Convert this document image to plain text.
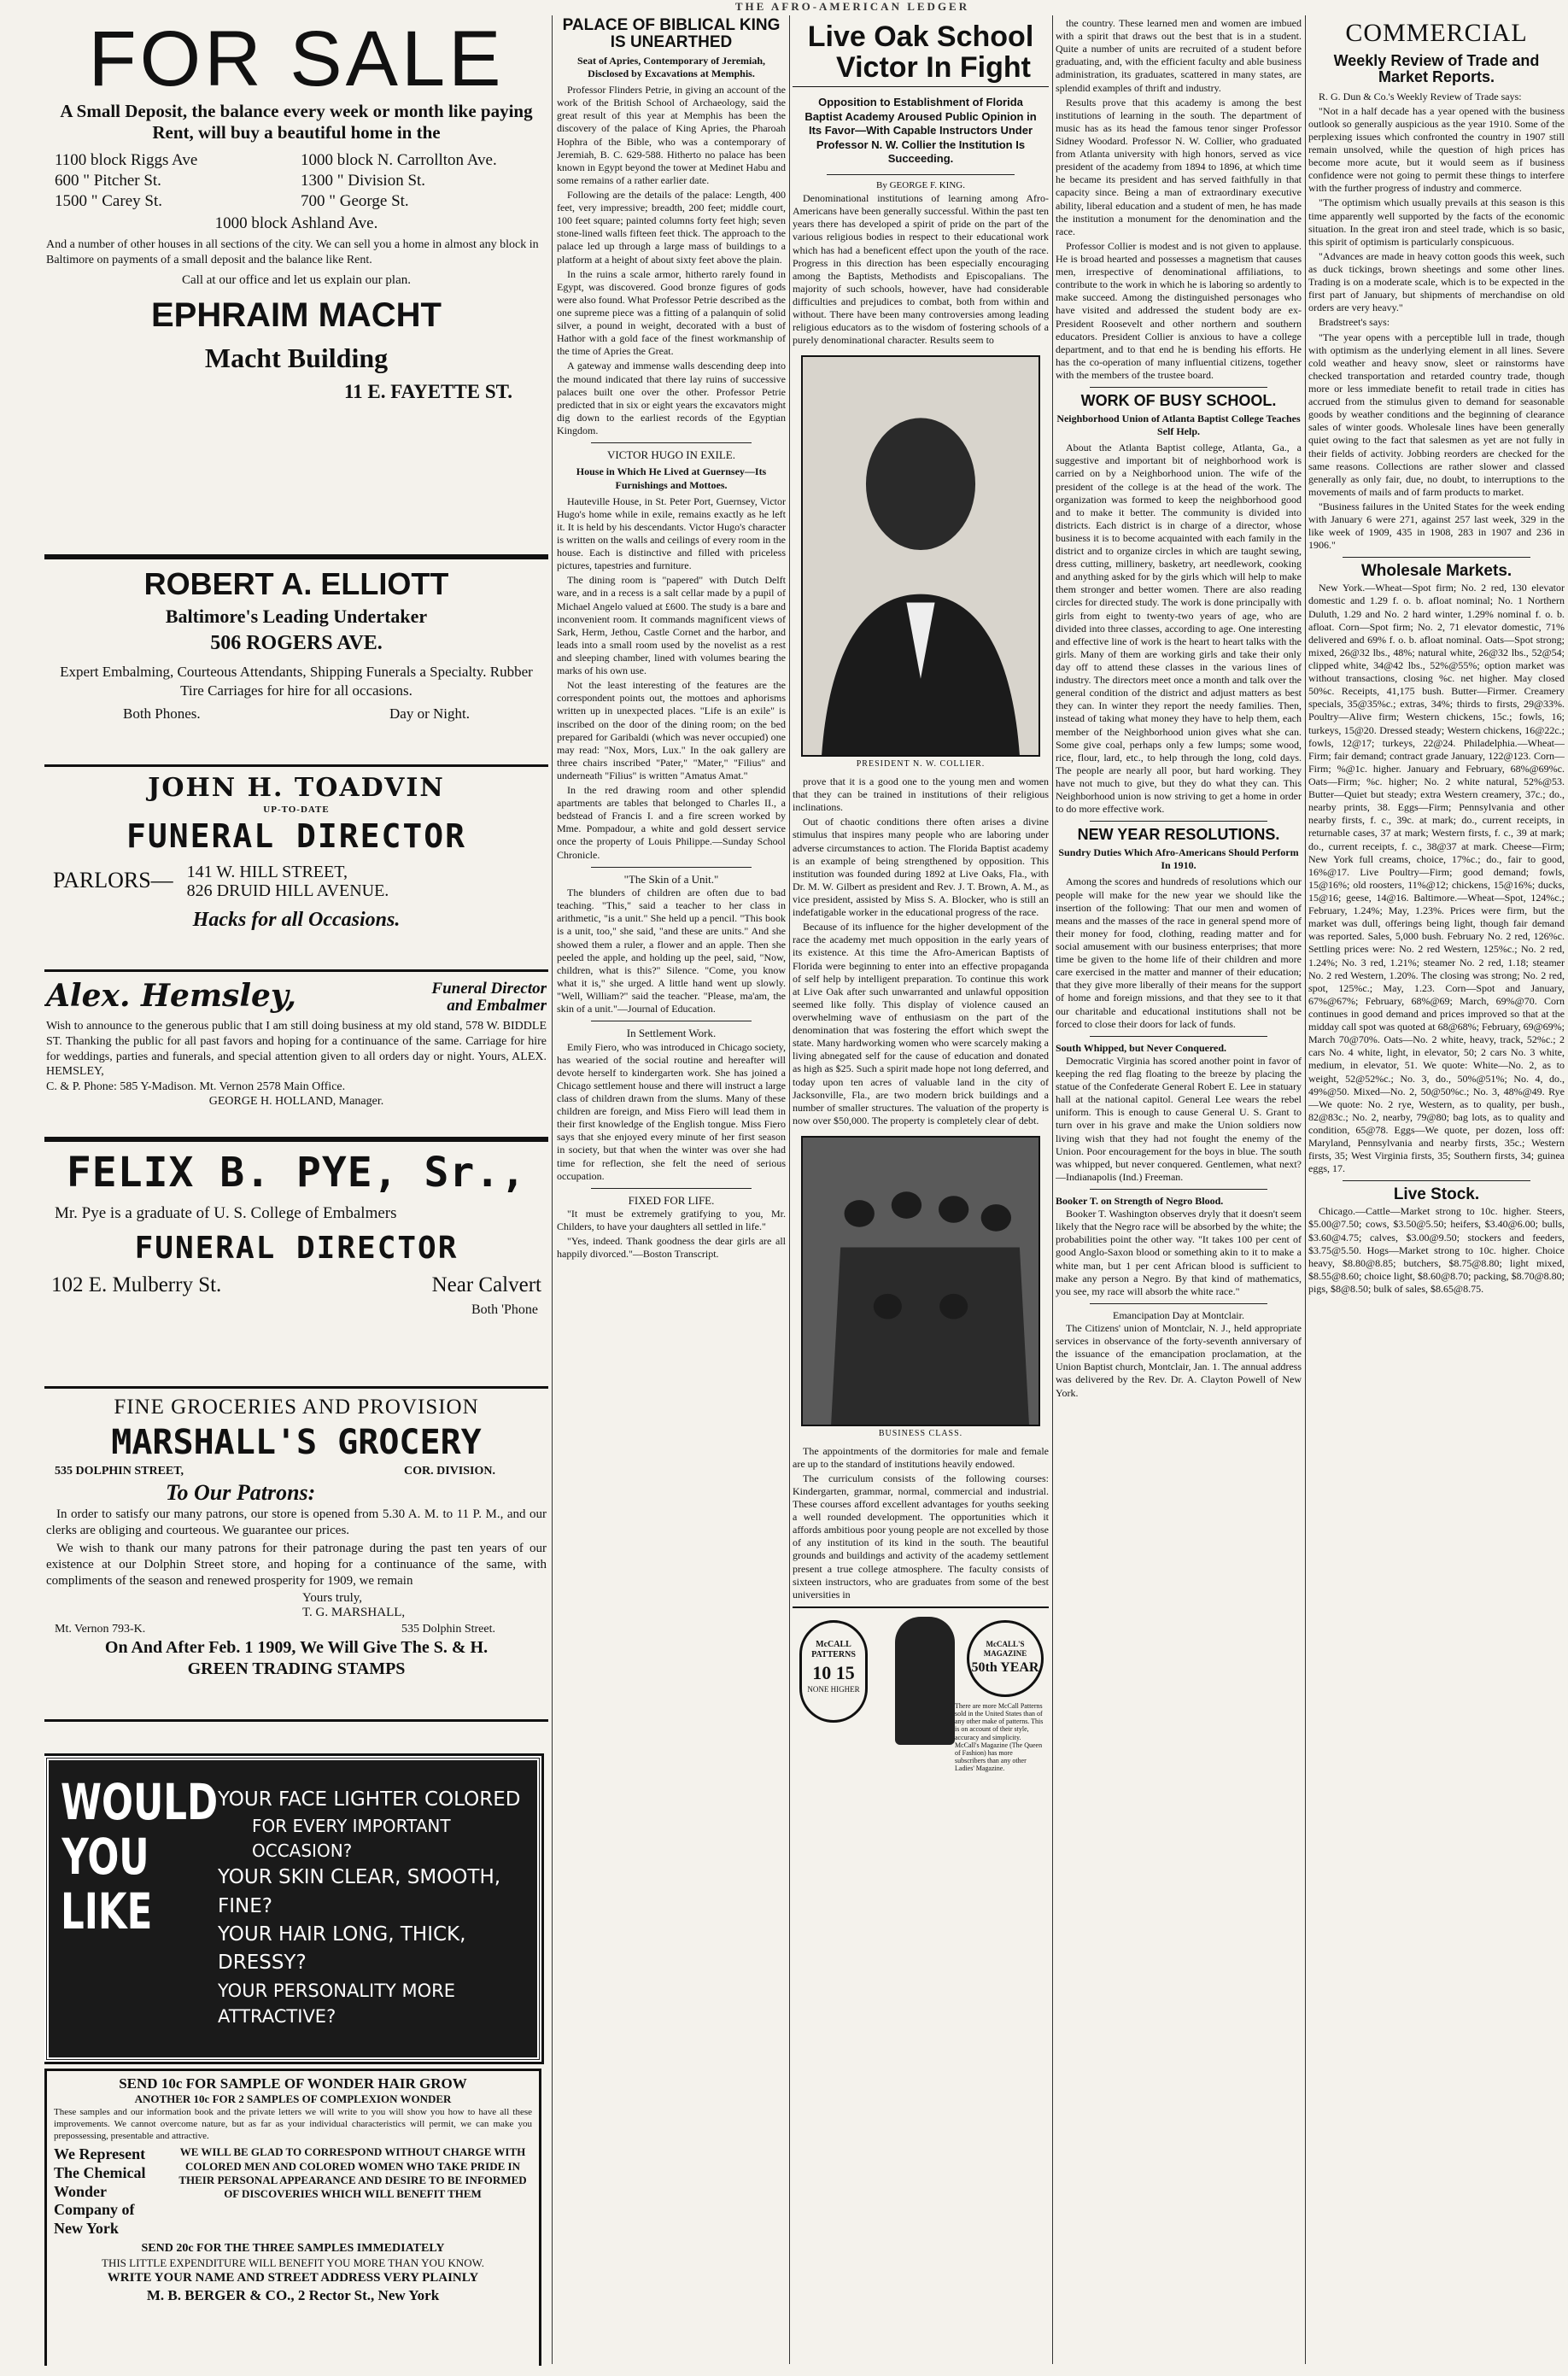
THE AFRO-AMERICAN LEDGER
FOR SALE
A Small Deposit, the balance every week or month like paying Rent, will buy a beautiful home in the
1100 block Riggs Ave	1000 block N. Carrollton Ave.
600 " Pitcher St.	1300 " Division St.
1500 " Carey St.	700 " George St.
1000 block Ashland Ave.
And a number of other houses in all sections of the city. We can sell you a home in almost any block in Baltimore on payments of a small deposit and the balance like Rent.
Call at our office and let us explain our plan.
EPHRAIM MACHT
Macht Building
11 E. FAYETTE ST.
ROBERT A. ELLIOTT
Baltimore's Leading Undertaker
506 ROGERS AVE.
Expert Embalming, Courteous Attendants, Shipping Funerals a Specialty. Rubber Tire Carriages for hire for all occasions.
Both Phones.	Day or Night.
JOHN H. TOADVIN
UP-TO-DATE
FUNERAL DIRECTOR
PARLORS— 141 W. HILL STREET,
826 DRUID HILL AVENUE.
Hacks for all Occasions.
Alex. Hemsley,	Funeral Director
and Embalmer
Wish to announce to the generous public that I am still doing business at my old stand, 578 W. BIDDLE ST. Thanking the public for all past favors and hoping for a continuance of the same. Carriage for hire for weddings, parties and funerals, and special attention given to all orders day or night. Yours, ALEX. HEMSLEY,
C. & P. Phone: 585 Y-Madison. Mt. Vernon 2578 Main Office.
GEORGE H. HOLLAND, Manager.
FELIX B. PYE, Sr.,
Mr. Pye is a graduate of U. S. College of Embalmers
FUNERAL DIRECTOR
102 E. Mulberry St.	Near Calvert
Both 'Phone
FINE GROCERIES AND PROVISION
MARSHALL'S GROCERY
535 DOLPHIN STREET,	COR. DIVISION.
To Our Patrons:
In order to satisfy our many patrons, our store is opened from 5.30 A. M. to 11 P. M., and our clerks are obliging and courteous. We guarantee our prices.
We wish to thank our many patrons for their patronage during the past ten years of our existence at our Dolphin Street store, and hoping for a continuance of the same, with compliments of the season and renewed prosperity for 1909, we remain
Yours truly,
T. G. MARSHALL,
Mt. Vernon 793-K.	535 Dolphin Street.
On And After Feb. 1 1909, We Will Give The S. & H.
GREEN TRADING STAMPS
WOULD
YOU
LIKE
YOUR FACE LIGHTER COLORED
FOR EVERY IMPORTANT OCCASION?
YOUR SKIN CLEAR, SMOOTH, FINE?
YOUR HAIR LONG, THICK, DRESSY?
YOUR PERSONALITY MORE ATTRACTIVE?
SEND 10c FOR SAMPLE OF WONDER HAIR GROW
ANOTHER 10c FOR 2 SAMPLES OF COMPLEXION WONDER
These samples and our information book and the private letters we will write to you will show you how to have all these improvements. We cannot overcome nature, but as far as your individual characteristics will permit, we can make you prepossessing, presentable and attractive.
We Represent The Chemical Wonder Company of New York
WE WILL BE GLAD TO CORRESPOND WITHOUT CHARGE WITH COLORED MEN AND COLORED WOMEN WHO TAKE PRIDE IN THEIR PERSONAL APPEARANCE AND DESIRE TO BE INFORMED OF DISCOVERIES WHICH WILL BENEFIT THEM
SEND 20c FOR THE THREE SAMPLES IMMEDIATELY
THIS LITTLE EXPENDITURE WILL BENEFIT YOU MORE THAN YOU KNOW.
WRITE YOUR NAME AND STREET ADDRESS VERY PLAINLY
M. B. BERGER & CO., 2 Rector St., New York
PALACE OF BIBLICAL KING IS UNEARTHED
Seat of Apries, Contemporary of Jeremiah, Disclosed by Excavations at Memphis.
Professor Flinders Petrie, in giving an account of the work of the British School of Archaeology, said the great result of this year at Memphis has been the discovery of the palace of King Apries, the Pharoah Hophra of the Bible, who was a contemporary of Jeremiah, B. C. 629-588. Hitherto no palace has been known in Egypt beyond the tower at Medinet Habu and some remains of a rather earlier date.
Following are the details of the palace: Length, 400 feet, very impressive; breadth, 200 feet; middle court, 100 feet square; painted columns forty feet high; seven stone-lined walls fifteen feet thick. The approach to the palace led up through a large mass of buildings to a platform at a height of about sixty feet above the plain.
In the ruins a scale armor, hitherto rarely found in Egypt, was discovered. Good bronze figures of gods were also found. What Professor Petrie described as the one supreme piece was a fitting of a palanquin of solid silver, a pound in weight, decorated with a bust of Hathor with a gold face of the finest workmanship of the time of Apries the Great.
A gateway and immense walls descending deep into the mound indicated that there lay ruins of successive palaces built one over the other. Professor Petrie predicted that in six or eight years the excavators might dig down to the earliest records of the Egyptian Kingdom.
VICTOR HUGO IN EXILE.
House in Which He Lived at Guernsey—Its Furnishings and Mottoes.
Hauteville House, in St. Peter Port, Guernsey, Victor Hugo's home while in exile, remains exactly as he left it. It is held by his descendants. Victor Hugo's character is written on the walls and ceilings of every room in the house. Each is distinctive and filled with priceless pictures, tapestries and furniture.
The dining room is "papered" with Dutch Delft ware, and in a recess is a salt cellar made by a pupil of Michael Angelo valued at £600. The study is a bare and inconvenient room. It commands magnificent views of Sark, Herm, Jethou, Castle Cornet and the harbor, and leads into a small room used by the novelist as a rest and sleeping chamber, lined with volumes bearing the marks of his own use.
Not the least interesting of the features are the correspondent points out, the mottoes and aphorisms written up in unexpected places. "Life is an exile" is inscribed on the door of the dining room; on the bed prepared for Garibaldi (which was never occupied) one may read: "Nox, Mors, Lux." In the oak gallery are three chairs inscribed "Pater," "Mater," "Filius" and underneath "Filius" is written "Amatus Amat."
In the red drawing room and other splendid apartments are tables that belonged to Charles II., a bedstead of Francis I. and a fire screen worked by Mme. Pompadour, a white and gold dessert service once the property of Louis Philippe.—Sunday School Chronicle.
"The Skin of a Unit."
The blunders of children are often due to bad teaching. "This," said a teacher to her class in arithmetic, "is a unit." She held up a pencil. "This book is a unit, too," she said, "and these are units." And she showed them a ruler, a flower and an apple. Then she peeled the apple, and holding up the peel, said, "Now, children, what is this?" Silence. "Come, you know what it is," she urged. A little hand went up slowly. "Well, William?" said the teacher. "Please, ma'am, the skin of a unit."—Journal of Education.
In Settlement Work.
Emily Fiero, who was introduced in Chicago society, has wearied of the social routine and hereafter will devote herself to kindergarten work. She has joined a Chicago settlement house and there will instruct a large class of children drawn from the slums. Many of these children are foreign, and Miss Fiero will lead them in their first knowledge of the English tongue. Miss Fiero says that she enjoyed every minute of her first season in society, but that when the winter was over she had time for reflection, she felt the need of serious occupation.
FIXED FOR LIFE.
"It must be extremely gratifying to you, Mr. Childers, to have your daughters all settled in life."
"Yes, indeed. Thank goodness the dear girls are all happily divorced."—Boston Transcript.
Live Oak School
Victor In Fight
Opposition to Establishment of Florida Baptist Academy Aroused Public Opinion in Its Favor—With Capable Instructors Under Professor N. W. Collier the Institution Is Succeeding.
By GEORGE F. KING.
Denominational institutions of learning among Afro-Americans have been generally successful. Within the past ten years there has developed a spirit of pride on the part of the various religious bodies in respect to their educational work which has had a beneficent effect upon the youth of the race. Progress in this direction has been especially encouraging among the Baptists, Methodists and Episcopalians. The majority of such schools, however, have had considerable difficulties and prejudices to combat, both from within and without. There have been many controversies among leading religious educators as to the wisdom of fostering schools of a purely denominational character. Results seem to
PRESIDENT N. W. COLLIER.
prove that it is a good one to the young men and women that they can be trained in institutions of their religious inclinations.
Out of chaotic conditions there often arises a divine stimulus that inspires many people who are laboring under adverse circumstances to action. The Florida Baptist academy is an example of being strengthened by opposition. This institution was founded during 1892 at Live Oaks, Fla., with Dr. M. W. Gilbert as president and Rev. J. T. Brown, A. M., as vice president, assisted by Miss S. A. Blocker, who is still an indefatigable worker in the educational progress of the race.
Because of its influence for the higher development of the race the academy met much opposition in the early years of its existence. At this time the Afro-American Baptists of Florida were beginning to enter into an effective propaganda of self help by intelligent preparation. To continue this work at Live Oak after such unwarranted and unlawful opposition seemed like folly. This display of violence caused an overwhelming wave of enthusiasm on the part of the denomination that was fostering the effort which swept the state. Many hardworking women who were scarcely making a living abnegated self for the cause of education and donated as high as $25. Such a spirit made hope not long deferred, and today upon ten acres of valuable land in the city of Jacksonville, Fla., are two modern brick buildings and a number of smaller structures. The valuation of the property is now over $50,000. The property is completely clear of debt.
BUSINESS CLASS.
The appointments of the dormitories for male and female are up to the standard of institutions heavily endowed.
The curriculum consists of the following courses: Kindergarten, grammar, normal, commercial and industrial. These courses afford excellent advantages for youths seeking a well rounded development. The opportunities which it affords ambitious poor young people are not excelled by those of any institution of its kind in the south. The beautiful grounds and buildings and activity of the academy settlement present a true college atmosphere. The faculty consists of sixteen instructors, who are graduates from some of the best universities in
McCALL PATTERNS
10 15
NONE HIGHER
McCALL'S MAGAZINE
50th YEAR
There are more McCall Patterns sold in the United States than of any other make of patterns. This is on account of their style, accuracy and simplicity. McCall's Magazine (The Queen of Fashion) has more subscribers than any other Ladies' Magazine.
the country. These learned men and women are imbued with a spirit that draws out the best that is in a student. Quite a number of units are recruited of a student before graduating, and, with the efficient faculty and able business administration, its graduates, scattered in many states, are splendid examples of thrift and industry.
Results prove that this academy is among the best institutions of learning in the south. The department of music has as its head the famous tenor singer Professor Sidney Woodard. Professor N. W. Collier, who graduated from Atlanta university with high honors, served as vice president of the academy from 1894 to 1896, at which time he became its president and has served faithfully in that capacity since. Being a man of extraordinary executive ability, liberal education and a student of men, he has made the institution a monument for the denomination and the race.
Professor Collier is modest and is not given to applause. He is broad hearted and possesses a magnetism that causes men, irrespective of denominational affiliations, to contribute to the work in which he is laboring so ardently to make succeed. Among the distinguished personages who have visited and addressed the student body are ex-President Roosevelt and other northern and southern educators. President Collier is anxious to have a college department, and to that end he is bending his efforts. He has the co-operation of many influential citizens, together with the members of the trustee board.
WORK OF BUSY SCHOOL.
Neighborhood Union of Atlanta Baptist College Teaches Self Help.
About the Atlanta Baptist college, Atlanta, Ga., a suggestive and important bit of neighborhood work is carried on by a Neighborhood union. The wife of the president of the college is at the head of the work. The organization was formed to keep the neighborhood good and to make it better. The community is divided into districts. Each district is in charge of a director, whose business it is to become acquainted with each family in the district and to organize circles in which are taught sewing, dress cutting, millinery, basketry, art needlework, cooking and anything asked for by the girls which will help to make them stronger and better women. There are also reading circles for directed study. The work is done principally with girls from eight to twenty-two years of age, who are divided into three classes, according to age. One interesting and effective line of work is the heart to heart talks with the girls. Many of them are working girls and take their only day off to attend these classes in the various lines of industry. The directors meet once a month and talk over the general condition of the district and adjust matters as best they can. In winter they report the needy families. Then, instead of taking what money they have to help them, each member of the Neighborhood union gives what she can. Some give coal, perhaps only a few lumps; some wood, rice, flour, lard, etc., to help through the long, cold days. The people are nearly all poor, but hard working. They have not much to give, but they do what they can. This Neighborhood union is now striving to get a home in order to do more effective work.
NEW YEAR RESOLUTIONS.
Sundry Duties Which Afro-Americans Should Perform In 1910.
Among the scores and hundreds of resolutions which our people will make for the new year we should like the insertion of the following: That our men and women of means and the masses of the race in general spend more of their money for food, clothing, reading matter and for social amusement with our business enterprises; that more time be given to the home life of their children and more care exercised in the matter and manner of their education; that they give more liberally of their means for the support of home and foreign missions, and that they see to it that our charitable and educational institutions shall not be forced to close their doors for lack of funds.
South Whipped, but Never Conquered.
Democratic Virginia has scored another point in favor of keeping the red flag floating to the breeze by placing the statue of the Confederate General Robert E. Lee in statuary hall at the national capitol. General Lee wears the rebel uniform. This is enough to cause General U. S. Grant to turn over in his grave and make the Union soldiers now living wish that they had not fought the enemy of the Union. Poor encouragement for the boys in blue. The south was whipped, but never conquered. Gentlemen, what next?—Indianapolis (Ind.) Freeman.
Booker T. on Strength of Negro Blood.
Booker T. Washington observes dryly that it doesn't seem likely that the Negro race will be absorbed by the white; the probabilities point the other way. "It takes 100 per cent of good Anglo-Saxon blood or something akin to it to make a white man, but 1 per cent African blood is sufficient to make any person a Negro. By that kind of mathematics, you see, my race will absorb the white race."
Emancipation Day at Montclair.
The Citizens' union of Montclair, N. J., held appropriate services in observance of the forty-seventh anniversary of the issuance of the emancipation proclamation, at the Union Baptist church, Montclair, Jan. 1. The annual address was delivered by the Rev. Dr. A. Clayton Powell of New York.
COMMERCIAL
Weekly Review of Trade and Market Reports.
R. G. Dun & Co.'s Weekly Review of Trade says:
"Not in a half decade has a year opened with the business outlook so generally auspicious as the year 1910. Some of the perplexing issues which confronted the country in 1907 still remain unsolved, while the question of high prices has become more acute, but it would seem as if business confidence were not going to permit these things to interfere with the further progress of industry and commerce.
"The optimism which usually prevails at this season is this time apparently well supported by the facts of the economic situation. In the great iron and steel trade, which is so basic, this spirit of optimism is particularly conspicuous.
"Advances are made in heavy cotton goods this week, such as duck tickings, brown sheetings and some other lines. Trading is on a moderate scale, which is to be expected in the first part of January, but shipments of merchandise on old orders are very heavy."
Bradstreet's says:
"The year opens with a perceptible lull in trade, though with optimism as the underlying element in all lines. Severe cold weather and heavy snow, sleet or rainstorms have checked transportation and retarded country trade, though more or less immediate benefit to retail trade in cities has accrued from the stimulus given to demand for seasonable goods by weather conditions and the beginning of clearance sales of winter goods. Wholesale lines have been generally quiet owing to the fact that salesmen as yet are not fully in their fields of activity. Jobbing reorders are checked for the same reasons. Collections are rather slower and classed generally as only fair, due, no doubt, to interruptions to the movements of mails and of farm products to market.
"Business failures in the United States for the week ending with January 6 were 271, against 257 last week, 329 in the like week of 1909, 435 in 1908, 283 in 1907 and 236 in 1906."
Wholesale Markets.
New York.—Wheat—Spot firm; No. 2 red, 130 elevator domestic and 1.29 f. o. b. afloat nominal; No. 1 Northern Duluth, 1.29 and No. 2 hard winter, 1.29% nominal f. o. b. afloat. Corn—Spot firm; No. 2, 71 elevator domestic, 71% delivered and 69% f. o. b. afloat nominal. Oats—Spot strong; mixed, 26@32 lbs., 48%; natural white, 26@32 lbs., 52@54; clipped white, 34@42 lbs., 52%@55%; option market was without transactions, closing %c. net higher. May closed 50%c. Receipts, 41,175 bush. Butter—Firmer. Creamery specials, 35@35%c.; extras, 34%; thirds to firsts, 29@33%. Poultry—Alive firm; Western chickens, 15c.; fowls, 16; turkeys, 15@20. Dressed steady; Western chickens, 16@22c.; fowls, 12@17; turkeys, 22@24. Philadelphia.—Wheat—Firm; fair demand; contract grade January, 122@123. Corn—Firm; %@1c. higher. January and February, 68%@69%c. Oats—Firm; %c. higher; No. 2 white natural, 52%@53. Butter—Quiet but steady; extra Western creamery, 37c.; do., nearby prints, 38. Eggs—Firm; Pennsylvania and other nearby firsts, f. c., 39c. at mark; do., current receipts, in returnable cases, 37 at mark; Western firsts, f. c., 39 at mark; do., current receipts, f. c., 38@37 at mark. Cheese—Firm; New York full creams, choice, 17%c.; do., fair to good, 16%@17. Live Poultry—Firm; good demand; fowls, 15@16%; old roosters, 11%@12; chickens, 15@16%; ducks, 15@16; geese, 14@16. Baltimore.—Wheat—Spot, 124%c.; February, 1.24%; May, 1.23%. Prices were firm, but the market was dull, offerings being light, though fair demand was reported. Sales, 5,000 bush. February No. 2 red, 126%c. Settling prices were: No. 2 red Western, 125%c.; No. 2 red, 1.24%; No. 3 red, 1.21%; steamer No. 2 red, 1.18; steamer No. 2 red Western, 1.20%. The closing was strong; No. 2 red, spot, 125%c.; May, 1.23. Corn—Spot and January, 67%@67%; February, 68%@69; March, 69%@70. Corn continues in good demand and prices improved so that at the midday call spot was quoted at 68@68%; February, 69@69%; March 70@70%. Oats—No. 2 white, heavy, track, 52%c.; 2 cars No. 4 white, light, in elevator, 50; 2 cars No. 3 white, medium, in elevator, 51. We quote: White—No. 2, as to weight, 52@52%c.; No. 3, do., 50%@51%; No. 4, do., 49%@50. Mixed—No. 2, 50@50%c.; No. 3, 48%@49. Rye—We quote: No. 2 rye, Western, as to quality, per bush., 82@83c.; No. 2, nearby, 79@80; bag lots, as to quality and condition, 65@78. Eggs—We quote, per dozen, loss off: Maryland, Pennsylvania and nearby firsts, 35c.; Western firsts, 35; West Virginia firsts, 35; Southern firsts, 34; guinea eggs, 17.
Live Stock.
Chicago.—Cattle—Market strong to 10c. higher. Steers, $5.00@7.50; cows, $3.50@5.50; heifers, $3.40@6.00; bulls, $3.60@4.75; calves, $3.00@9.50; stockers and feeders, $3.75@5.50. Hogs—Market strong to 10c. higher. Choice heavy, $8.80@8.85; butchers, $8.75@8.80; light mixed, $8.55@8.60; choice light, $8.60@8.70; packing, $8.70@8.80; pigs, $8@8.50; bulk of sales, $8.65@8.75.
